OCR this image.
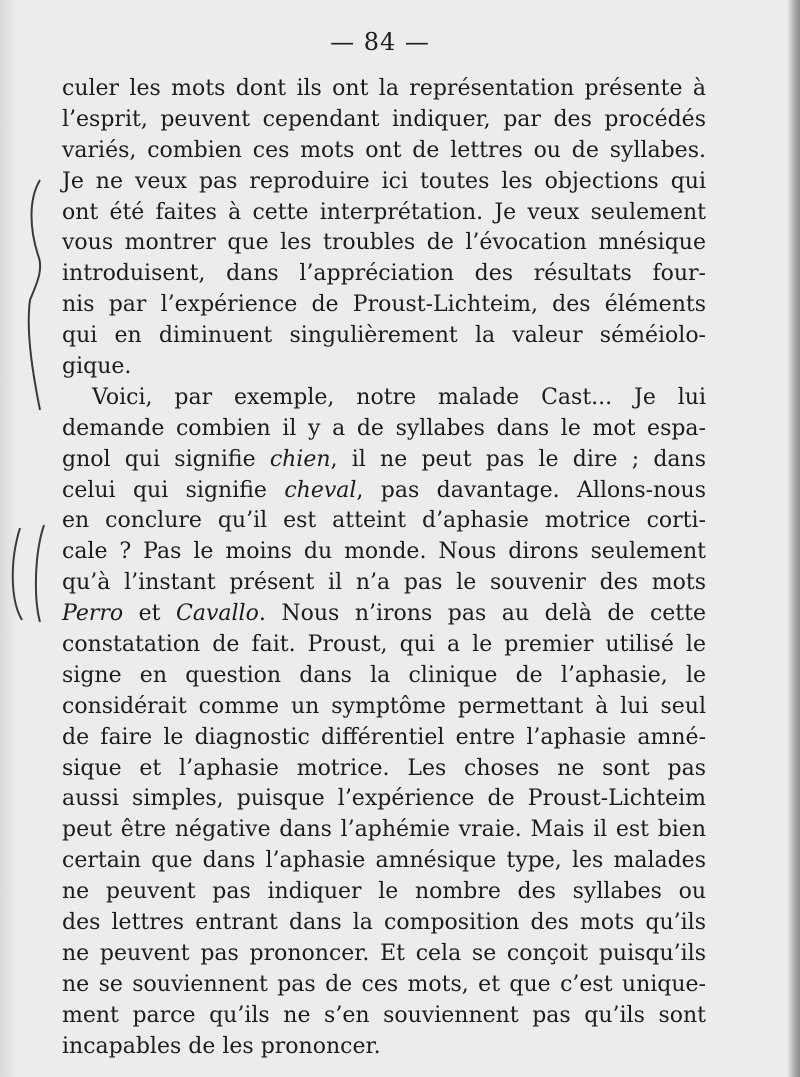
— 84 —
culer les mots dont ils ont la représentation présente à
l’esprit, peuvent cependant indiquer, par des procédés
variés, combien ces mots ont de lettres ou de syllabes.
Je ne veux pas reproduire ici toutes les objections qui
ont été faites à cette interprétation. Je veux seulement
vous montrer que les troubles de l’évocation mnésique
introduisent, dans l’appréciation des résultats four-
nis par l’expérience de Proust-Lichteim, des éléments
qui en diminuent singulièrement la valeur séméiolo-
gique.
Voici, par exemple, notre malade Cast... Je lui
demande combien il y a de syllabes dans le mot espa-
gnol qui signifie chien, il ne peut pas le dire ; dans
celui qui signifie cheval, pas davantage. Allons-nous
en conclure qu’il est atteint d’aphasie motrice corti-
cale ? Pas le moins du monde. Nous dirons seulement
qu’à l’instant présent il n’a pas le souvenir des mots
Perro et Cavallo. Nous n’irons pas au delà de cette
constatation de fait. Proust, qui a le premier utilisé le
signe en question dans la clinique de l’aphasie, le
considérait comme un symptôme permettant à lui seul
de faire le diagnostic différentiel entre l’aphasie amné-
sique et l’aphasie motrice. Les choses ne sont pas
aussi simples, puisque l’expérience de Proust-Lichteim
peut être négative dans l’aphémie vraie. Mais il est bien
certain que dans l’aphasie amnésique type, les malades
ne peuvent pas indiquer le nombre des syllabes ou
des lettres entrant dans la composition des mots qu’ils
ne peuvent pas prononcer. Et cela se conçoit puisqu’ils
ne se souviennent pas de ces mots, et que c’est unique-
ment parce qu’ils ne s’en souviennent pas qu’ils sont
incapables de les prononcer.
